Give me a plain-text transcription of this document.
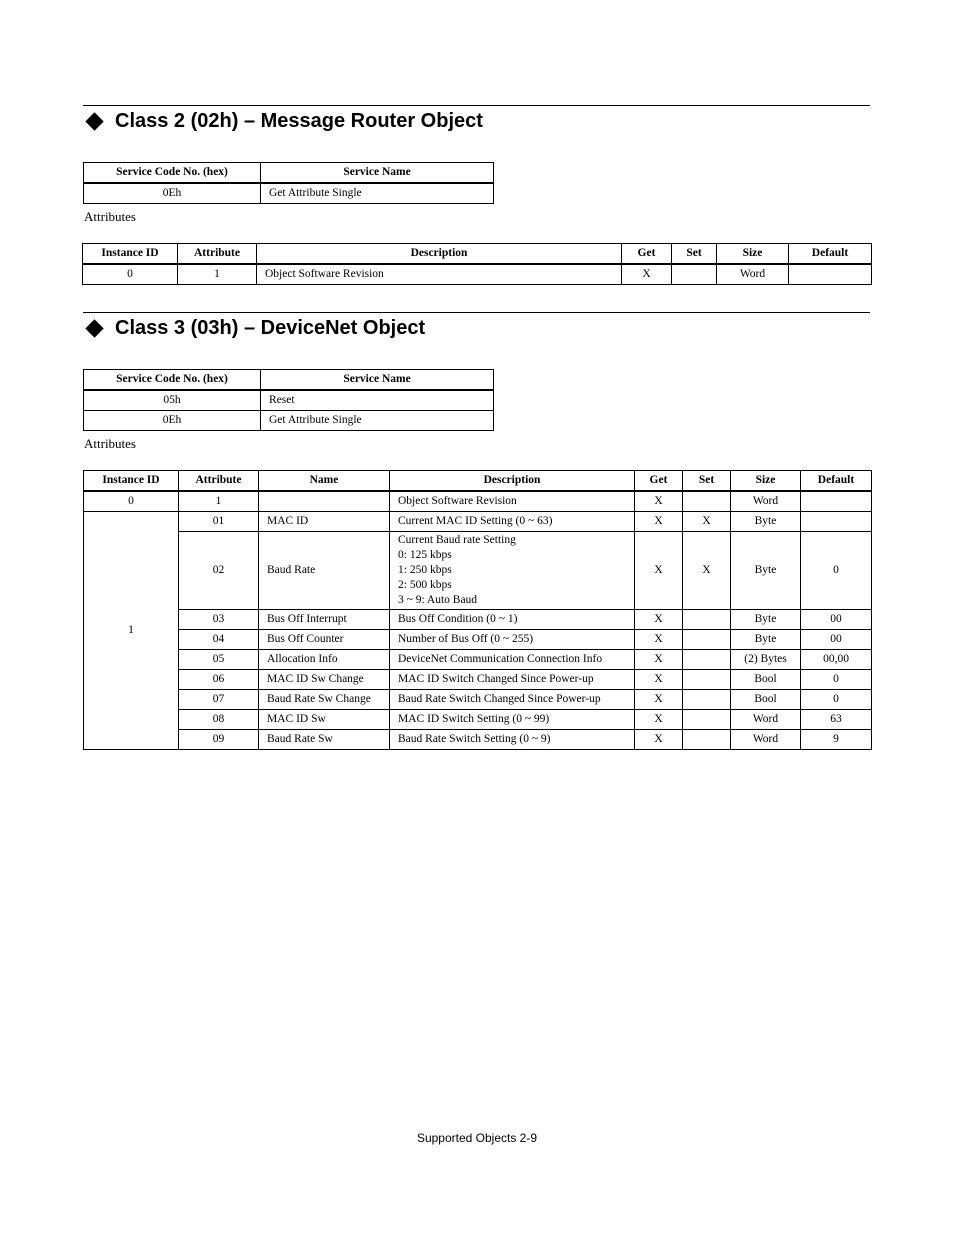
Class 2 (02h) – Message Router Object
Service Code No. (hex)	Service Name
0Eh	Get Attribute Single
Attributes
Instance ID	Attribute	Description	Get	Set	Size	Default
0	1	Object Software Revision	X		Word	
Class 3 (03h) – DeviceNet Object
Service Code No. (hex)	Service Name
05h	Reset
0Eh	Get Attribute Single
Attributes
Instance ID	Attribute	Name	Description	Get	Set	Size	Default
0	1		Object Software Revision	X		Word	
1	01	MAC ID	Current MAC ID Setting (0 ~ 63)	X	X	Byte	
	02	Baud Rate	Current Baud rate Setting
0: 125 kbps
1: 250 kbps
2: 500 kbps
3 ~ 9: Auto Baud	X	X	Byte	0
	03	Bus Off Interrupt	Bus Off Condition (0 ~ 1)	X		Byte	00
	04	Bus Off Counter	Number of Bus Off (0 ~ 255)	X		Byte	00
	05	Allocation Info	DeviceNet Communication Connection Info	X		(2) Bytes	00,00
	06	MAC ID Sw Change	MAC ID Switch Changed Since Power-up	X		Bool	0
	07	Baud Rate Sw Change	Baud Rate Switch Changed Since Power-up	X		Bool	0
	08	MAC ID Sw	MAC ID Switch Setting (0 ~ 99)	X		Word	63
	09	Baud Rate Sw	Baud Rate Switch Setting (0 ~ 9)	X		Word	9
Supported Objects 2-9
